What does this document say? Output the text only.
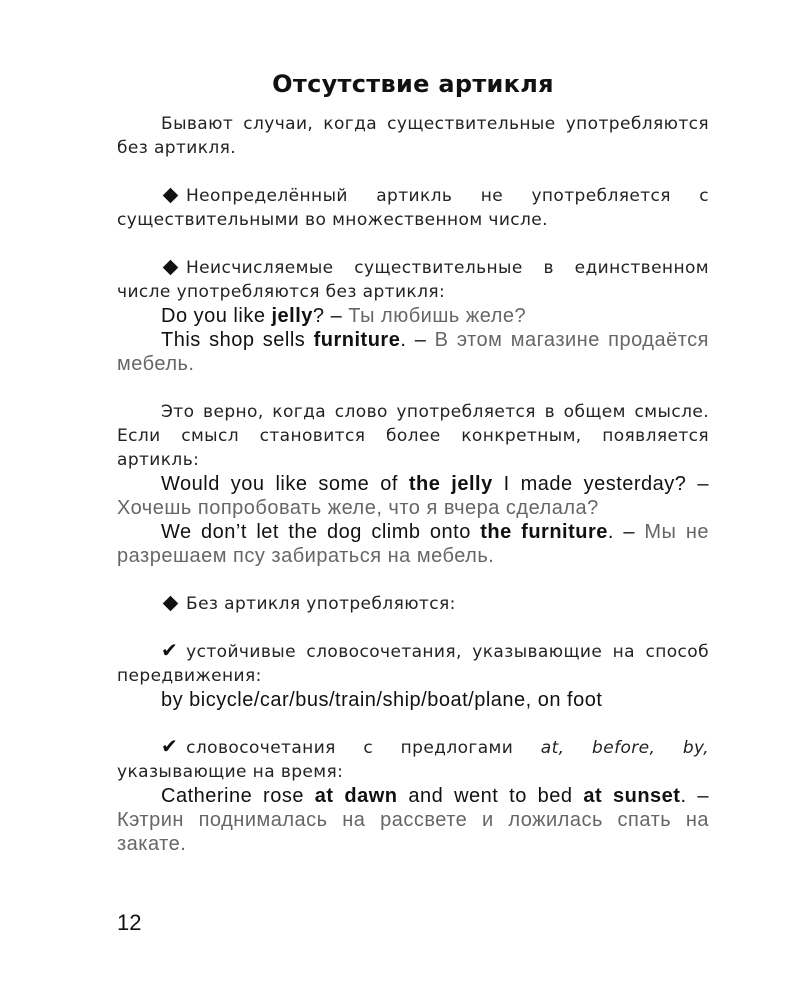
Отсутствие артикля

Бывают случаи, когда существительные употребляются без артикля.

Неопределённый артикль не употребляется с существительными во множественном числе.

Неисчисляемые существительные в единственном числе употребляются без артикля:

Do you like jelly? – Ты любишь желе?

This shop sells furniture. – В этом магазине продаётся мебель.

Это верно, когда слово употребляется в общем смысле. Если смысл становится более конкретным, появляется артикль:

Would you like some of the jelly I made yesterday? – Хочешь попробовать желе, что я вчера сделала?

We don’t let the dog climb onto the furniture. – Мы не разрешаем псу забираться на мебель.

Без артикля употребляются:

✔ устойчивые словосочетания, указывающие на способ передвижения:

by bicycle/car/bus/train/ship/boat/plane, on foot

✔ словосочетания с предлогами at, before, by, указывающие на время:

Catherine rose at dawn and went to bed at sunset. – Кэтрин поднималась на рассвете и ложилась спать на закате.

12
